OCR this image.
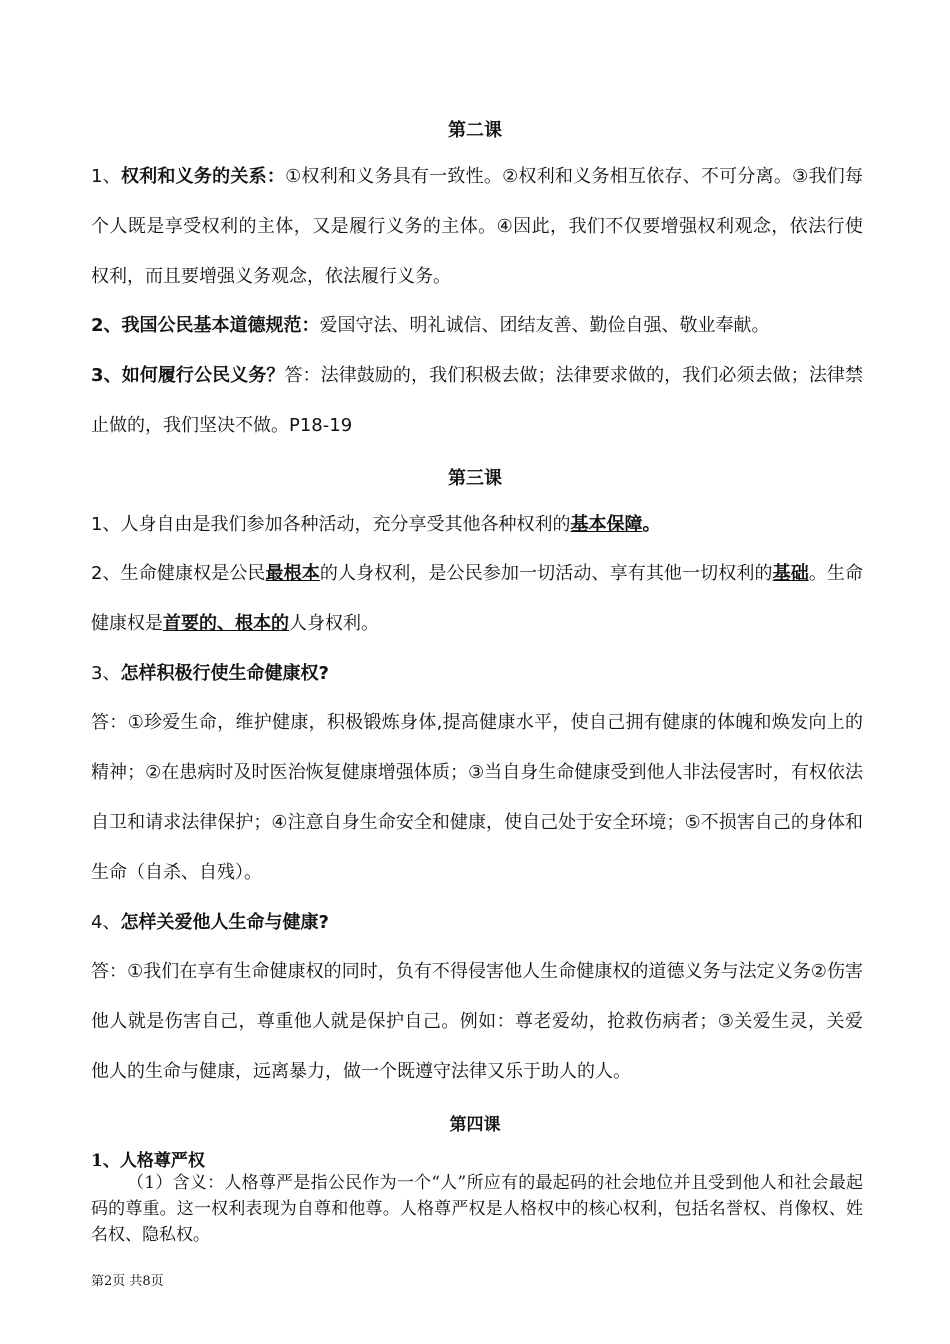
第二课

1、权利和义务的关系：①权利和义务具有一致性。②权利和义务相互依存、不可分离。③我们每个人既是享受权利的主体，又是履行义务的主体。④因此，我们不仅要增强权利观念，依法行使权利，而且要增强义务观念，依法履行义务。

2、我国公民基本道德规范：爱国守法、明礼诚信、团结友善、勤俭自强、敬业奉献。

3、如何履行公民义务？答：法律鼓励的，我们积极去做；法律要求做的，我们必须去做；法律禁止做的，我们坚决不做。P18-19

第三课

1、人身自由是我们参加各种活动，充分享受其他各种权利的基本保障。

2、生命健康权是公民最根本的人身权利，是公民参加一切活动、享有其他一切权利的基础。生命健康权是首要的、根本的人身权利。

3、怎样积极行使生命健康权?

答：①珍爱生命，维护健康，积极锻炼身体,提高健康水平，使自己拥有健康的体魄和焕发向上的精神；②在患病时及时医治恢复健康增强体质；③当自身生命健康受到他人非法侵害时，有权依法自卫和请求法律保护；④注意自身生命安全和健康，使自己处于安全环境；⑤不损害自己的身体和生命（自杀、自残）。

4、怎样关爱他人生命与健康?

答：①我们在享有生命健康权的同时，负有不得侵害他人生命健康权的道德义务与法定义务②伤害他人就是伤害自己，尊重他人就是保护自己。例如：尊老爱幼，抢救伤病者；③关爱生灵，关爱他人的生命与健康，远离暴力，做一个既遵守法律又乐于助人的人。

第四课
1、人格尊严权

（1）含义：人格尊严是指公民作为一个“人”所应有的最起码的社会地位并且受到他人和社会最起码的尊重。这一权利表现为自尊和他尊。人格尊严权是人格权中的核心权利，包括名誉权、肖像权、姓名权、隐私权。

第2页 共8页
